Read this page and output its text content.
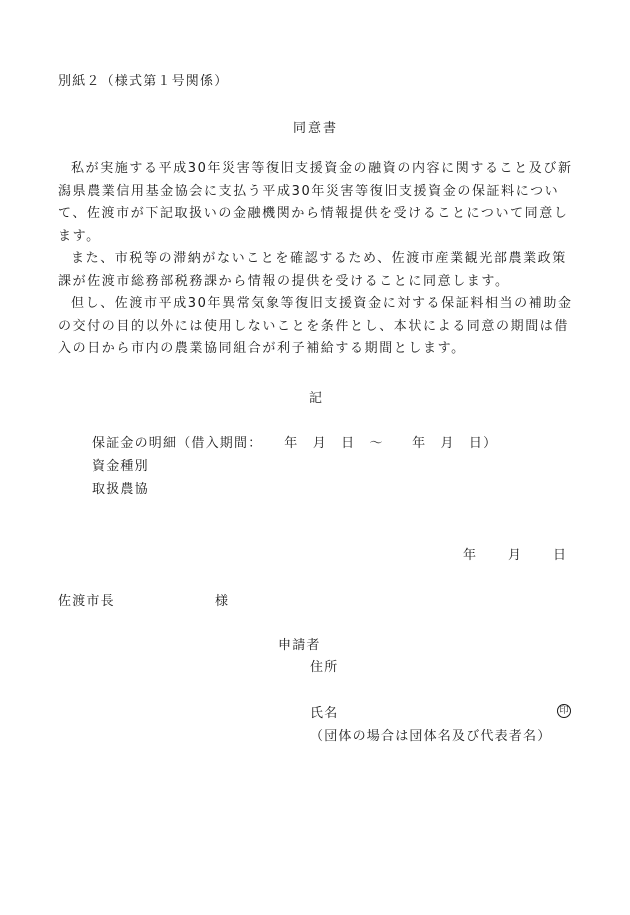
別紙２（様式第１号関係）
同意書

私が実施する平成30年災害等復旧支援資金の融資の内容に関すること及び新潟県農業信用基金協会に支払う平成30年災害等復旧支援資金の保証料について、佐渡市が下記取扱いの金融機関から情報提供を受けることについて同意します。

また、市税等の滞納がないことを確認するため、佐渡市産業観光部農業政策課が佐渡市総務部税務課から情報の提供を受けることに同意します。

但し、佐渡市平成30年異常気象等復旧支援資金に対する保証料相当の補助金の交付の目的以外には使用しないことを条件とし、本状による同意の期間は借入の日から市内の農業協同組合が利子補給する期間とします。

記
保証金の明細（借入期間：　　年　月　日　〜　　年　月　日）
資金種別
取扱農協
年　　月　　日
佐渡市長	様
申請者
住所
氏名	印
（団体の場合は団体名及び代表者名）
